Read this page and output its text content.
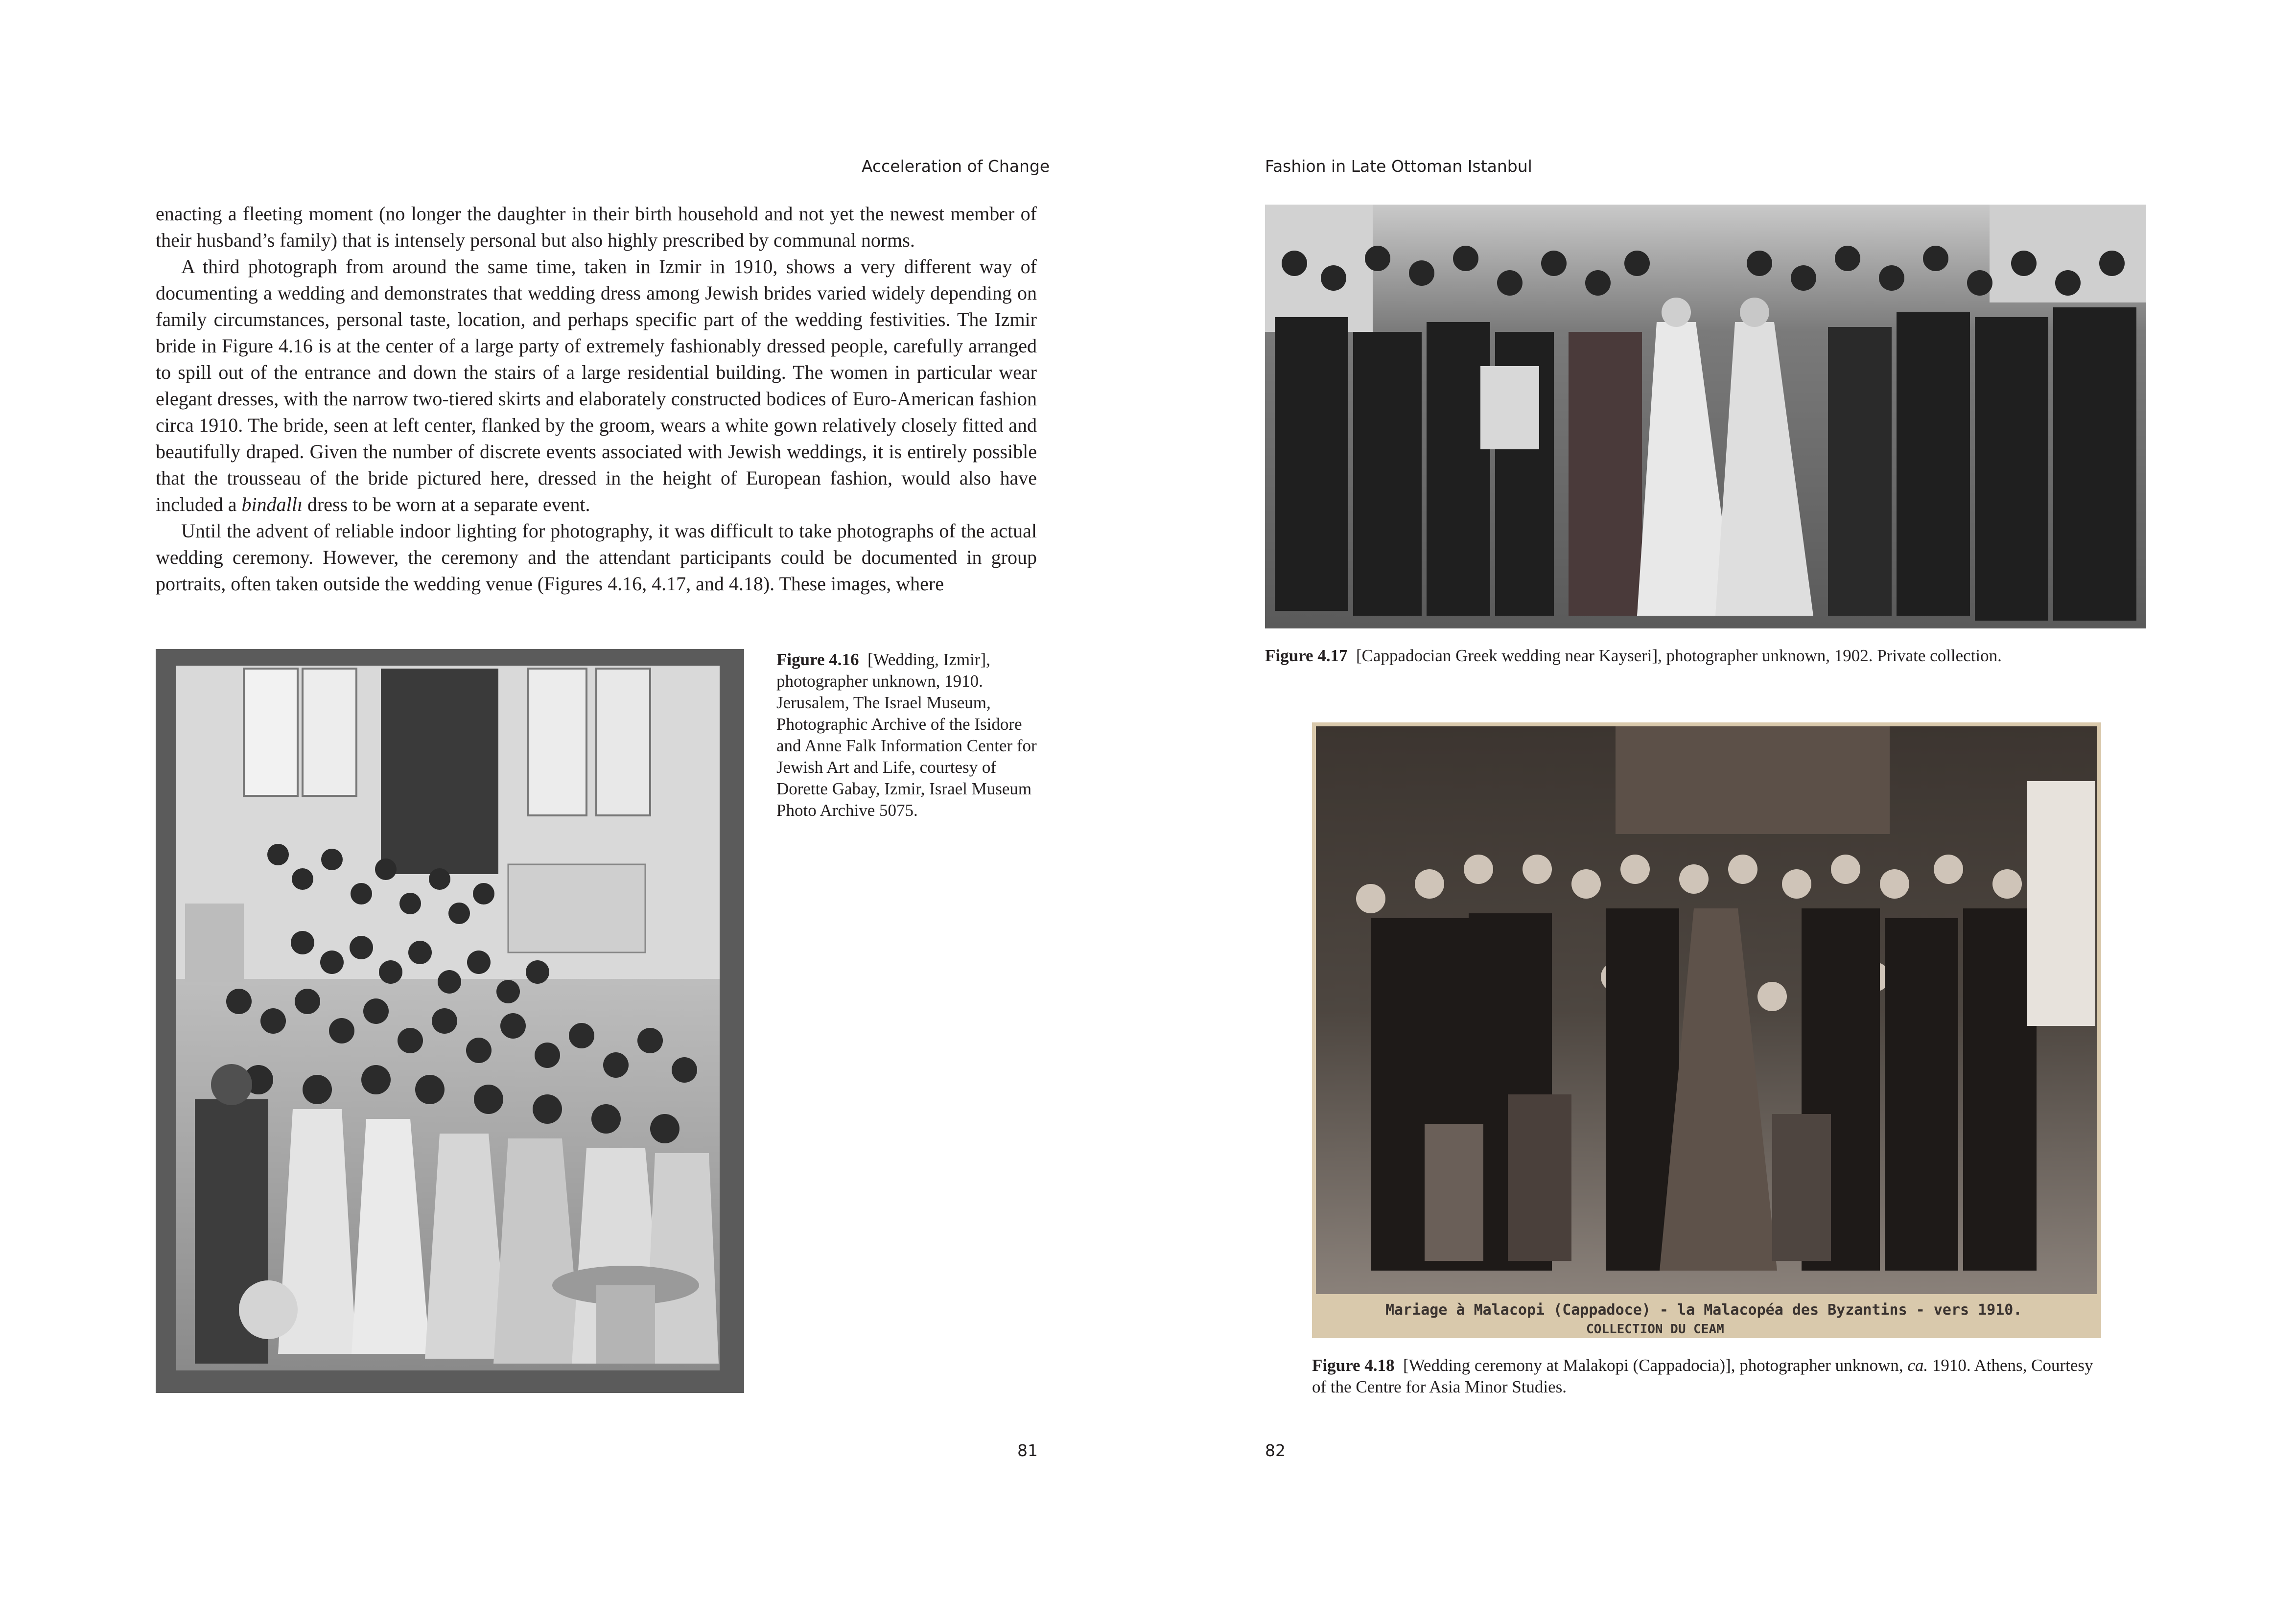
Acceleration of Change

enacting a fleeting moment (no longer the daughter in their birth household and not yet the newest member of their husband’s family) that is intensely personal but also highly prescribed by communal norms.

A third photograph from around the same time, taken in Izmir in 1910, shows a very different way of documenting a wedding and demonstrates that wedding dress among Jewish brides varied widely depending on family circumstances, personal taste, location, and perhaps specific part of the wedding festivities. The Izmir bride in Figure 4.16 is at the center of a large party of extremely fashionably dressed people, carefully arranged to spill out of the entrance and down the stairs of a large residential building. The women in particular wear elegant dresses, with the narrow two-tiered skirts and elaborately constructed bodices of Euro-American fashion circa 1910. The bride, seen at left center, flanked by the groom, wears a white gown relatively closely fitted and beautifully draped. Given the number of discrete events associated with Jewish weddings, it is entirely possible that the trousseau of the bride pictured here, dressed in the height of European fashion, would also have included a bindallı dress to be worn at a separate event.

Until the advent of reliable indoor lighting for photography, it was difficult to take photographs of the actual wedding ceremony. However, the ceremony and the attendant participants could be documented in group portraits, often taken outside the wedding venue (Figures 4.16, 4.17, and 4.18). These images, where

Figure 4.16 [Wedding, Izmir], photographer unknown, 1910. Jerusalem, The Israel Museum, Photographic Archive of the Isidore and Anne Falk Information Center for Jewish Art and Life, courtesy of Dorette Gabay, Izmir, Israel Museum Photo Archive 5075.
81
Fashion in Late Ottoman Istanbul
Figure 4.17 [Cappadocian Greek wedding near Kayseri], photographer unknown, 1902. Private collection.
Mariage à Malacopi (Cappadoce) - la Malacopéa des Byzantins - vers 1910.
COLLECTION DU CEAM
Figure 4.18 [Wedding ceremony at Malakopi (Cappadocia)], photographer unknown, ca. 1910. Athens, Courtesy of the Centre for Asia Minor Studies.
82
